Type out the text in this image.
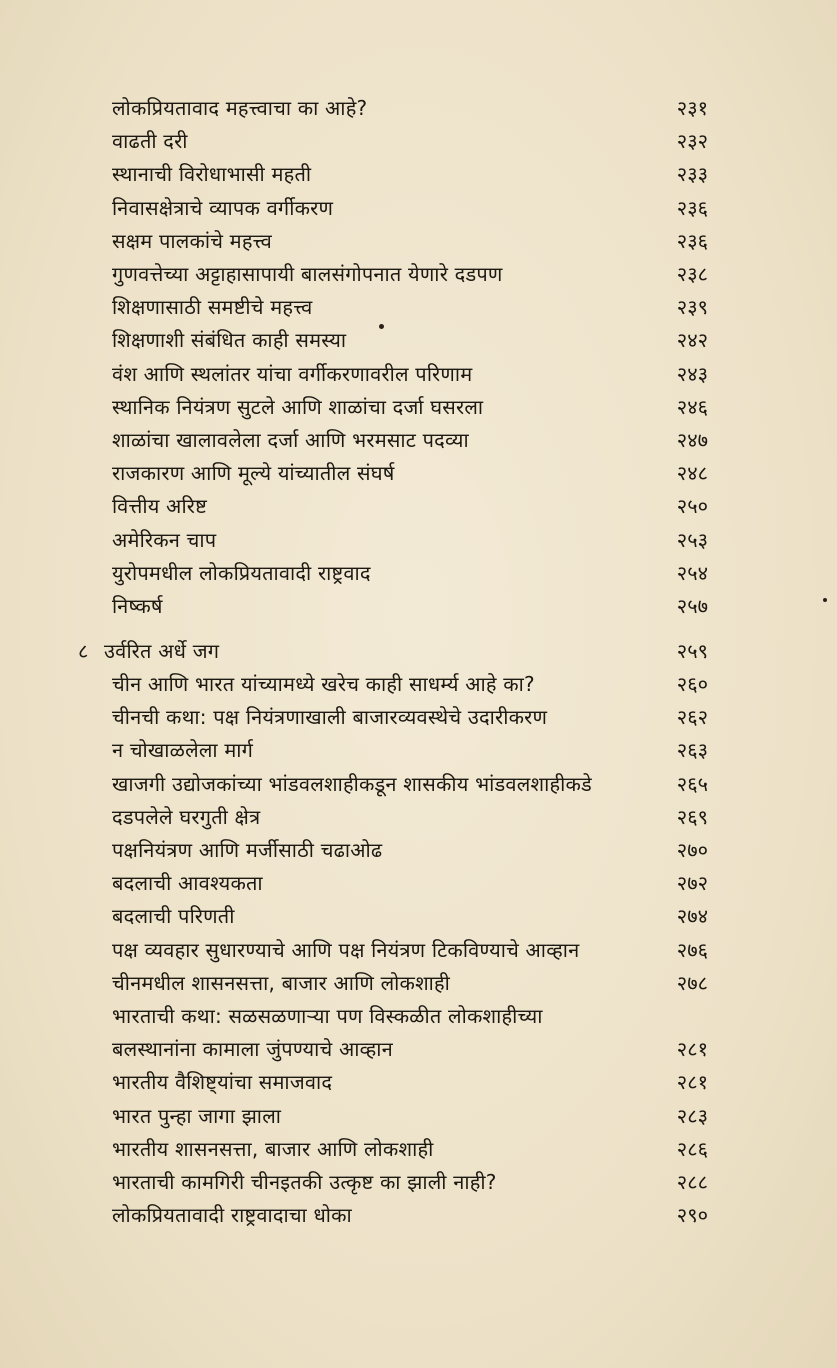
लोकप्रियतावाद महत्त्वाचा का आहे?	२३१
वाढती दरी	२३२
स्थानाची विरोधाभासी महती	२३३
निवासक्षेत्राचे व्यापक वर्गीकरण	२३६
सक्षम पालकांचे महत्त्व	२३६
गुणवत्तेच्या अट्टाहासापायी बालसंगोपनात येणारे दडपण	२३८
शिक्षणासाठी समष्टीचे महत्त्व	२३९
शिक्षणाशी संबंधित काही समस्या	२४२
वंश आणि स्थलांतर यांचा वर्गीकरणावरील परिणाम	२४३
स्थानिक नियंत्रण सुटले आणि शाळांचा दर्जा घसरला	२४६
शाळांचा खालावलेला दर्जा आणि भरमसाट पदव्या	२४७
राजकारण आणि मूल्ये यांच्यातील संघर्ष	२४८
वित्तीय अरिष्ट	२५०
अमेरिकन चाप	२५३
युरोपमधील लोकप्रियतावादी राष्ट्रवाद	२५४
निष्कर्ष	२५७
८ उर्वरित अर्धे जग	२५९
चीन आणि भारत यांच्यामध्ये खरेच काही साधर्म्य आहे का?	२६०
चीनची कथा: पक्ष नियंत्रणाखाली बाजारव्यवस्थेचे उदारीकरण	२६२
न चोखाळलेला मार्ग	२६३
खाजगी उद्योजकांच्या भांडवलशाहीकडून शासकीय भांडवलशाहीकडे	२६५
दडपलेले घरगुती क्षेत्र	२६९
पक्षनियंत्रण आणि मर्जीसाठी चढाओढ	२७०
बदलाची आवश्यकता	२७२
बदलाची परिणती	२७४
पक्ष व्यवहार सुधारण्याचे आणि पक्ष नियंत्रण टिकविण्याचे आव्हान	२७६
चीनमधील शासनसत्ता, बाजार आणि लोकशाही	२७८
भारताची कथा: सळसळणाऱ्या पण विस्कळीत लोकशाहीच्या
बलस्थानांना कामाला जुंपण्याचे आव्हान	२८१
भारतीय वैशिष्ट्यांचा समाजवाद	२८१
भारत पुन्हा जागा झाला	२८३
भारतीय शासनसत्ता, बाजार आणि लोकशाही	२८६
भारताची कामगिरी चीनइतकी उत्कृष्ट का झाली नाही?	२८८
लोकप्रियतावादी राष्ट्रवादाचा धोका	२९०
